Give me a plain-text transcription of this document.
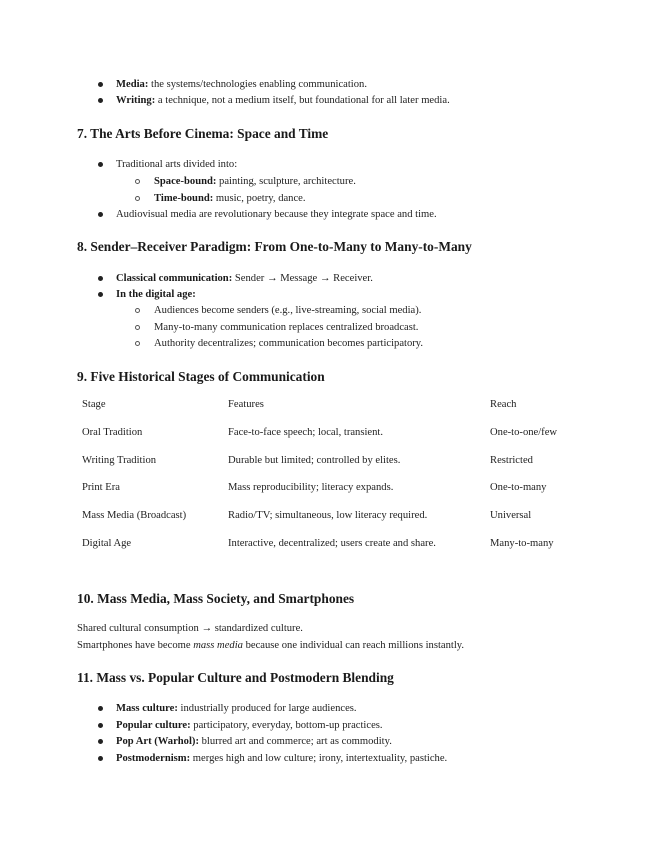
Media: the systems/technologies enabling communication.
Writing: a technique, not a medium itself, but foundational for all later media.
7. The Arts Before Cinema: Space and Time
Traditional arts divided into:
Space-bound: painting, sculpture, architecture.
Time-bound: music, poetry, dance.
Audiovisual media are revolutionary because they integrate space and time.
8. Sender–Receiver Paradigm: From One-to-Many to Many-to-Many
Classical communication: Sender → Message → Receiver.
In the digital age:
Audiences become senders (e.g., live-streaming, social media).
Many-to-many communication replaces centralized broadcast.
Authority decentralizes; communication becomes participatory.
9. Five Historical Stages of Communication
Stage	Features	Reach
Oral Tradition	Face-to-face speech; local, transient.	One-to-one/few
Writing Tradition	Durable but limited; controlled by elites.	Restricted
Print Era	Mass reproducibility; literacy expands.	One-to-many
Mass Media (Broadcast)	Radio/TV; simultaneous, low literacy required.	Universal
Digital Age	Interactive, decentralized; users create and share.	Many-to-many
10. Mass Media, Mass Society, and Smartphones
Shared cultural consumption → standardized culture.
Smartphones have become mass media because one individual can reach millions instantly.
11. Mass vs. Popular Culture and Postmodern Blending
Mass culture: industrially produced for large audiences.
Popular culture: participatory, everyday, bottom-up practices.
Pop Art (Warhol): blurred art and commerce; art as commodity.
Postmodernism: merges high and low culture; irony, intertextuality, pastiche.
